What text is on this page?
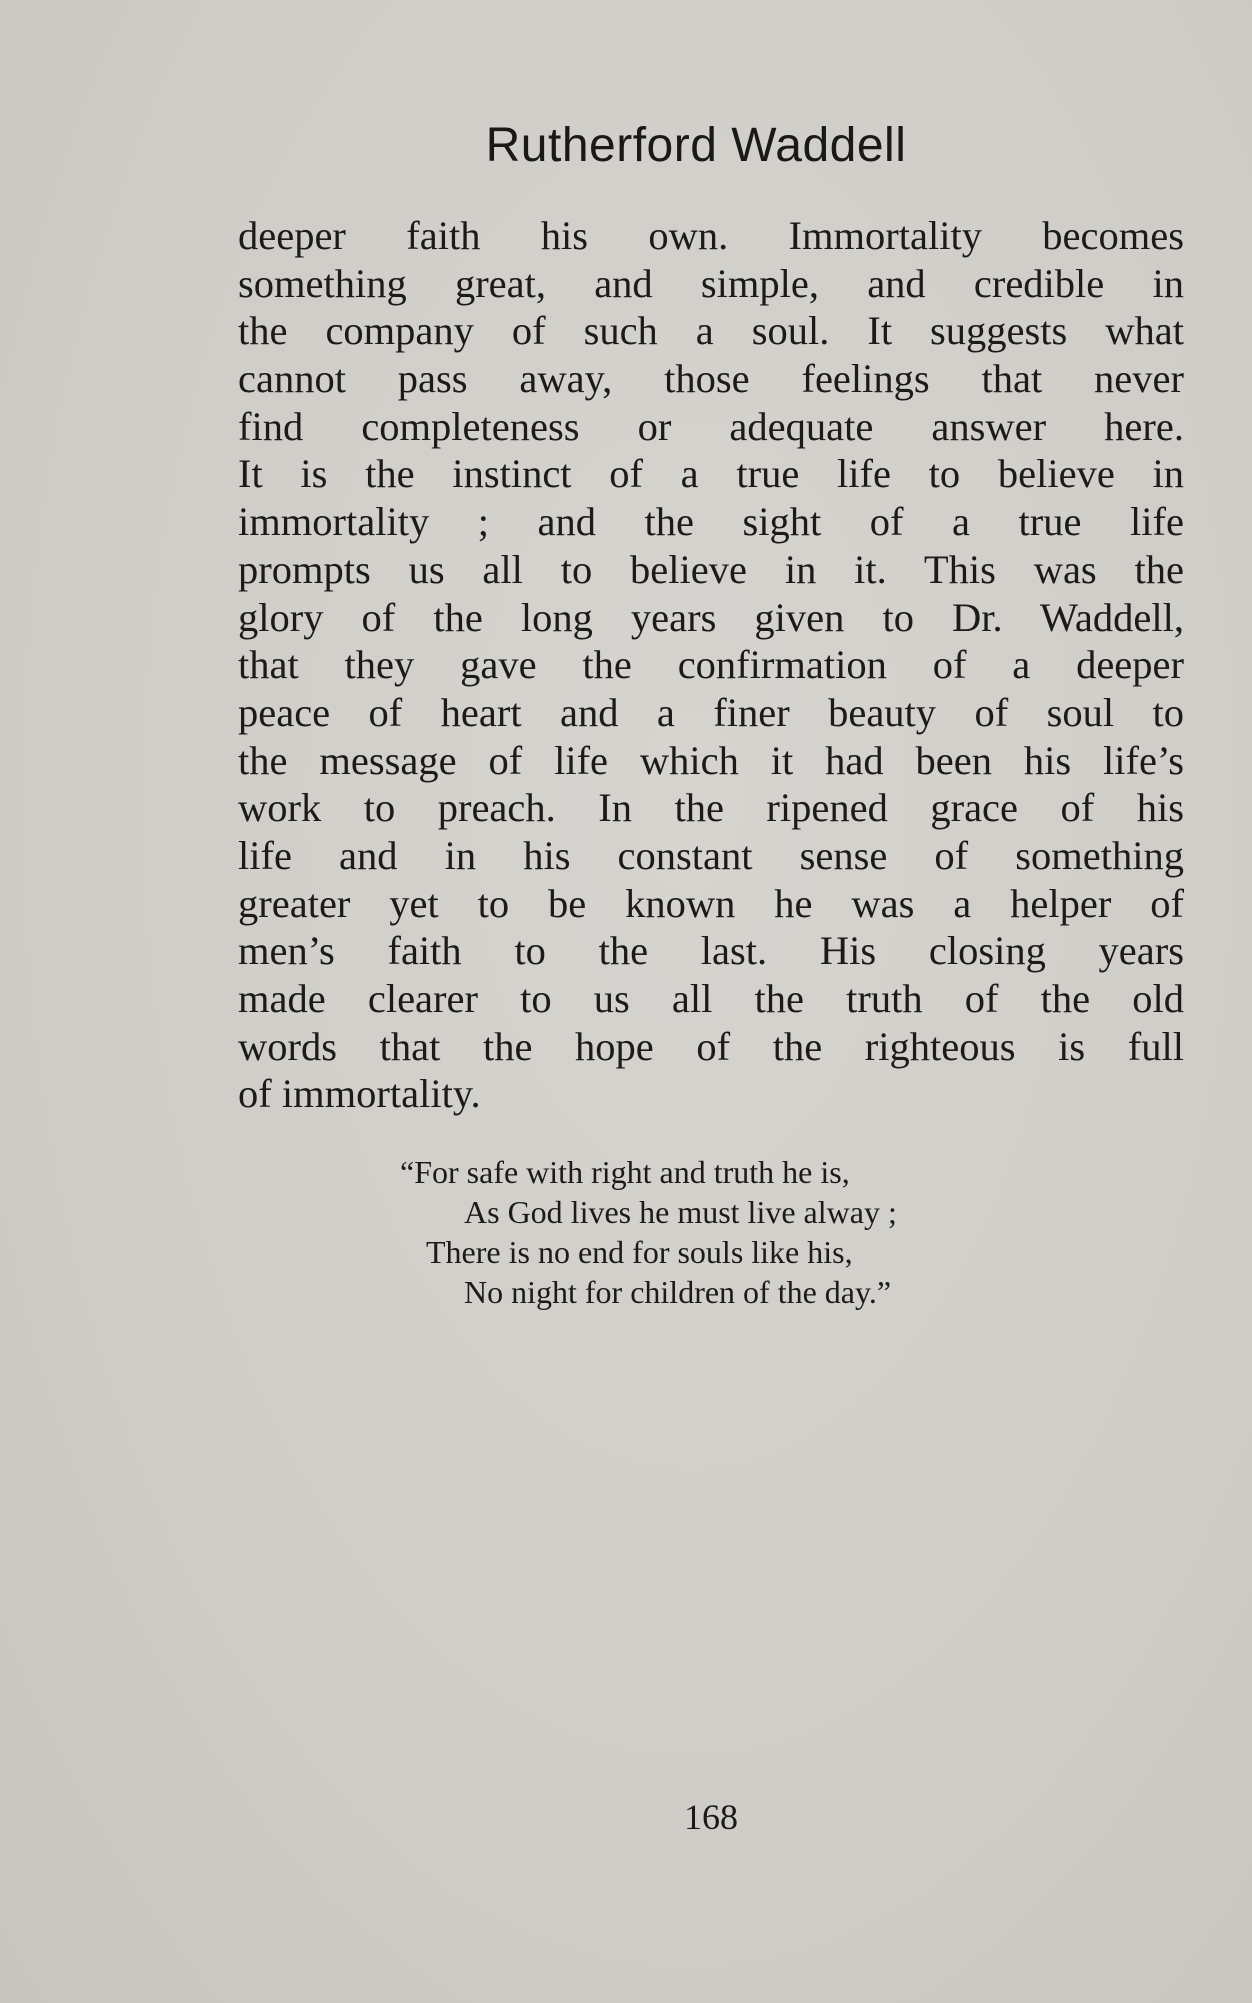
Rutherford Waddell
deeper faith his own. Immortality becomes
something great, and simple, and credible in
the company of such a soul. It suggests what
cannot pass away, those feelings that never
find completeness or adequate answer here.
It is the instinct of a true life to believe in
immortality ; and the sight of a true life
prompts us all to believe in it. This was the
glory of the long years given to Dr. Waddell,
that they gave the confirmation of a deeper
peace of heart and a finer beauty of soul to
the message of life which it had been his life’s
work to preach. In the ripened grace of his
life and in his constant sense of something
greater yet to be known he was a helper of
men’s faith to the last. His closing years
made clearer to us all the truth of the old
words that the hope of the righteous is full
of immortality.
“For safe with right and truth he is,
As God lives he must live alway ;
There is no end for souls like his,
No night for children of the day.”
168
